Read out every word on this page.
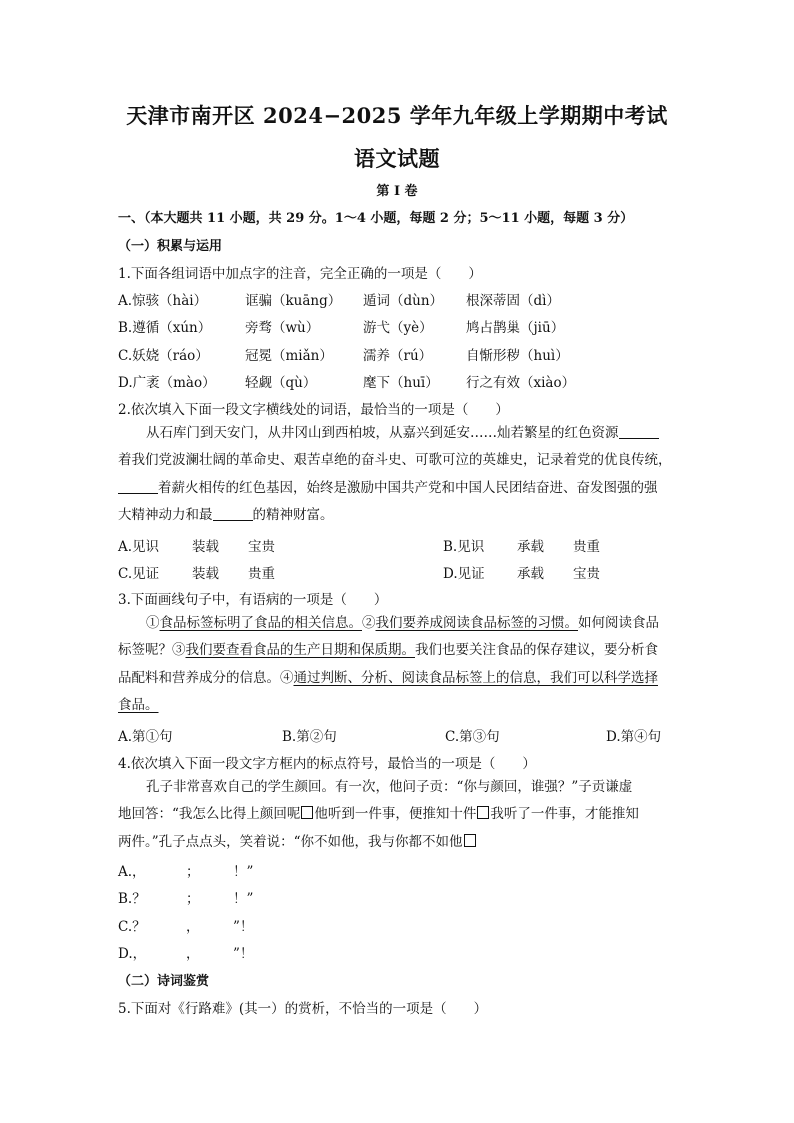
天津市南开区 2024−2025 学年九年级上学期期中考试
语文试题
第 I 卷
一、（本大题共 11 小题，共 29 分。1～4 小题，每题 2 分；5～11 小题，每题 3 分）
（一）积累与运用
1.下面各组词语中加点字的注音，完全正确的一项是（　　）
A.惊骇（hài）	诓骗（kuāng） 遁词（dùn） 根深蒂固（dì）
B.遵循（xún）	旁骛（wù）	游弋（yè） 鸠占鹊巢（jiū）
C.妖娆（ráo）	冠冕（miǎn） 濡养（rú）	自惭形秽（huì）
D.广袤（mào） 轻觑（qù）	麾下（huī） 行之有效（xiào）
2.依次填入下面一段文字横线处的词语，最恰当的一项是（　　）
从石库门到天安门，从井冈山到西柏坡，从嘉兴到延安……灿若繁星的红色资源
着我们党波澜壮阔的革命史、艰苦卓绝的奋斗史、可歌可泣的英雄史，记录着党的优良传统，
着薪火相传的红色基因，始终是激励中国共产党和中国人民团结奋进、奋发图强的强
大精神动力和最	的精神财富。
A.见识 装载 宝贵	B.见识 承载 贵重
C.见证 装载 贵重	D.见证 承载 宝贵
3.下面画线句子中，有语病的一项是（　　）
①食品标签标明了食品的相关信息。②我们要养成阅读食品标签的习惯。如何阅读食品
标签呢？③我们要查看食品的生产日期和保质期。我们也要关注食品的保存建议，要分析食
品配料和营养成分的信息。④通过判断、分析、阅读食品标签上的信息，我们可以科学选择
食品。
A.第①句	B.第②句	C.第③句	D.第④句
4.依次填入下面一段文字方框内的标点符号，最恰当的一项是（　　）
孔子非常喜欢自己的学生颜回。有一次，他问子贡：“你与颜回，谁强？”子贡谦虚
地回答：“我怎么比得上颜回呢 他听到一件事，便推知十件 我听了一件事，才能推知
两件。”孔子点点头，笑着说：“你不如他，我与你都不如他
A.，	； ！”
B.？	； ！”
C.？	， ”！
D.，	， ”！
（二）诗词鉴赏
5.下面对《行路难》(其一）的赏析，不恰当的一项是（　　）
